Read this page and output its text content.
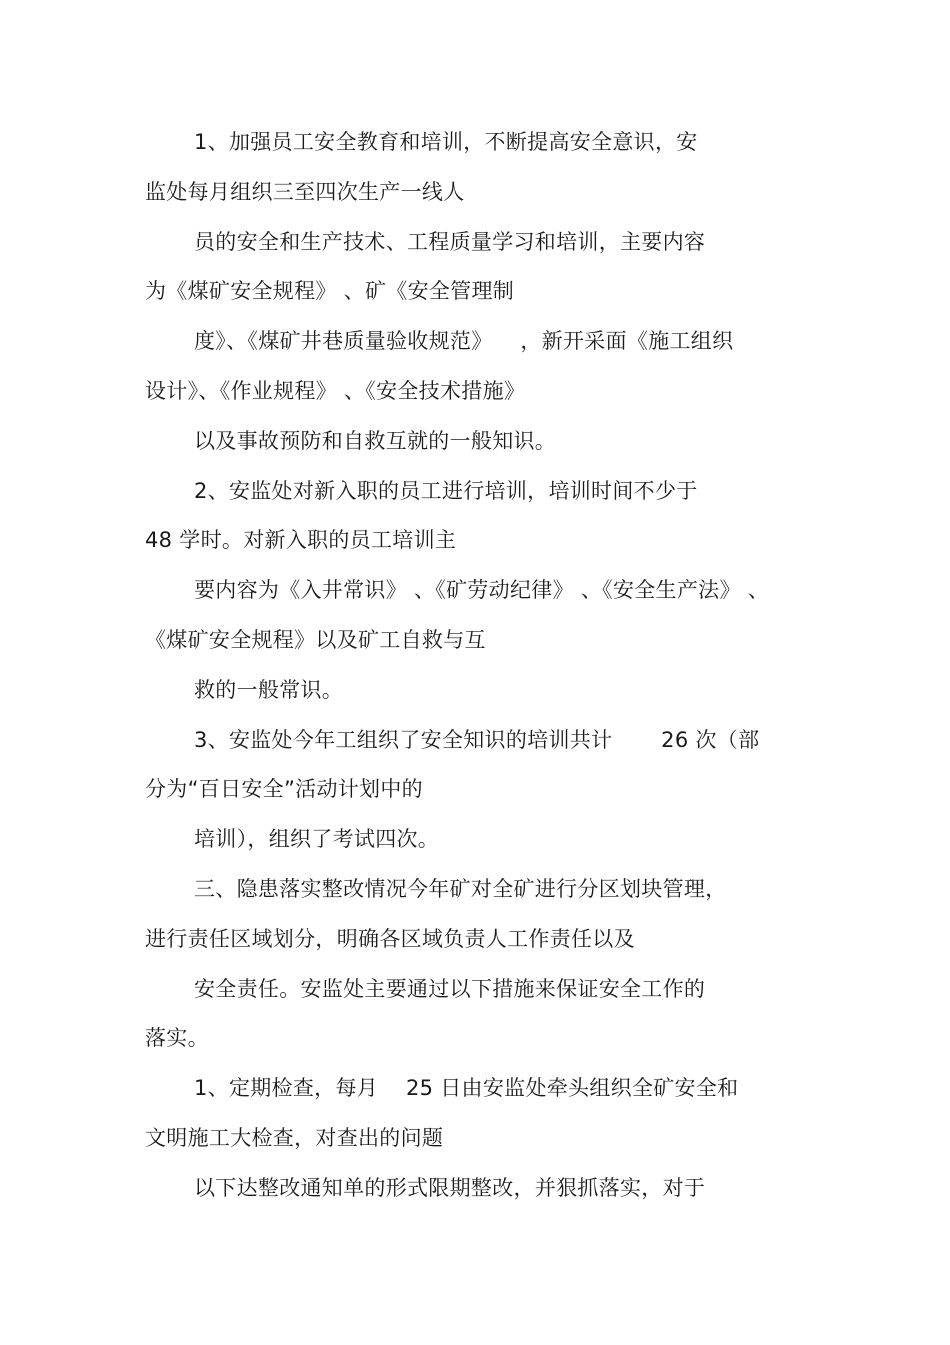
1、加强员工安全教育和培训，不断提高安全意识，安
监处每月组织三至四次生产一线人
员的安全和生产技术、工程质量学习和培训，主要内容
为《煤矿安全规程》 、矿《安全管理制
度》、《煤矿井巷质量验收规范》    ，新开采面《施工组织
设计》、《作业规程》 、《安全技术措施》
以及事故预防和自救互就的一般知识。
2、安监处对新入职的员工进行培训，培训时间不少于
48 学时。对新入职的员工培训主
要内容为《入井常识》 、《矿劳动纪律》 、《安全生产法》 、
《煤矿安全规程》以及矿工自救与互
救的一般常识。
3、安监处今年工组织了安全知识的培训共计       26 次（部
分为“百日安全”活动计划中的
培训），组织了考试四次。
三、隐患落实整改情况今年矿对全矿进行分区划块管理，
进行责任区域划分，明确各区域负责人工作责任以及
安全责任。安监处主要通过以下措施来保证安全工作的
落实。
1、定期检查，每月    25 日由安监处牵头组织全矿安全和
文明施工大检查，对查出的问题
以下达整改通知单的形式限期整改，并狠抓落实，对于
